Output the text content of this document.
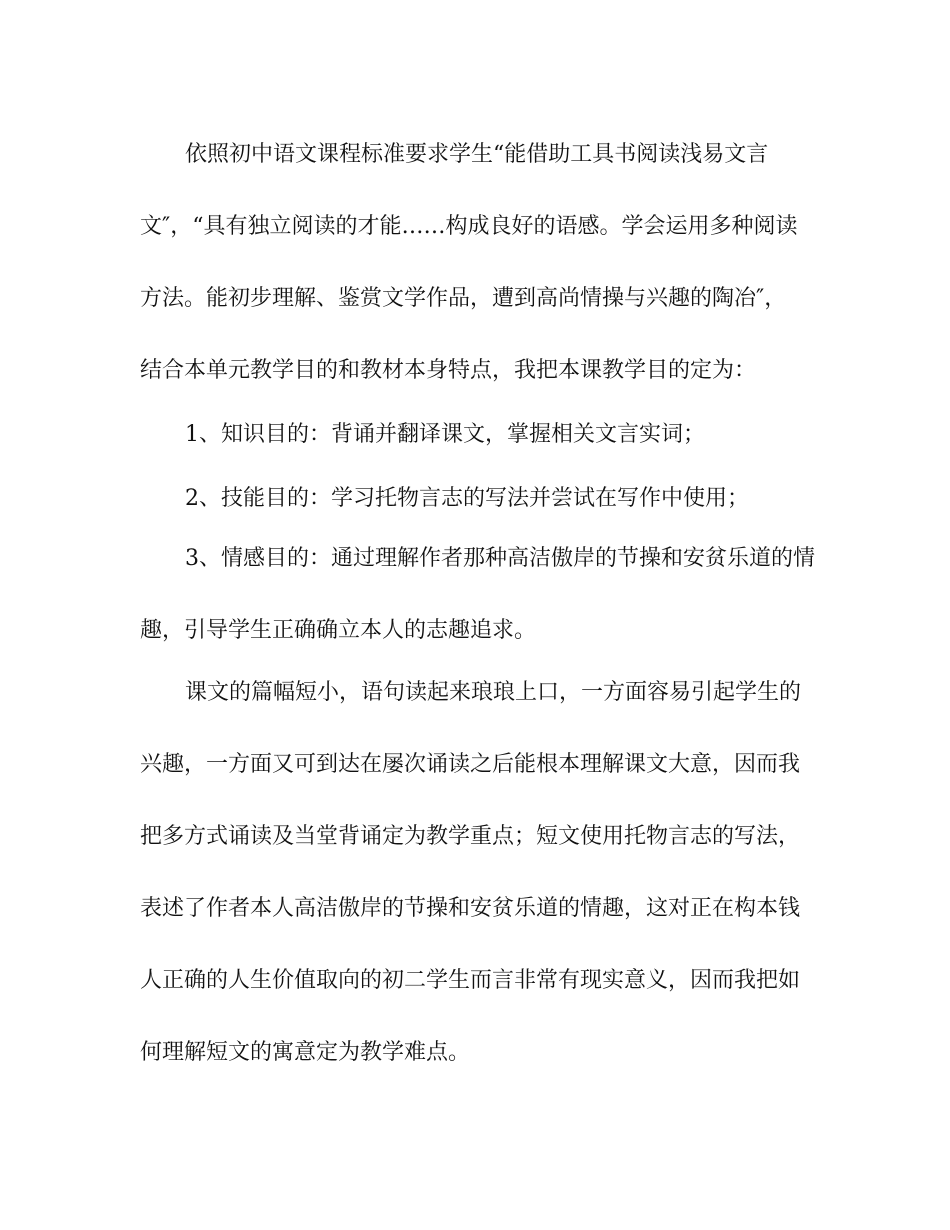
依照初中语文课程标准要求学生“能借助工具书阅读浅易文言
文″，“具有独立阅读的才能……构成良好的语感。学会运用多种阅读
方法。能初步理解、鉴赏文学作品，遭到高尚情操与兴趣的陶冶″，
结合本单元教学目的和教材本身特点，我把本课教学目的定为：
1、知识目的：背诵并翻译课文，掌握相关文言实词；
2、技能目的：学习托物言志的写法并尝试在写作中使用；
3、情感目的：通过理解作者那种高洁傲岸的节操和安贫乐道的情
趣，引导学生正确确立本人的志趣追求。
课文的篇幅短小，语句读起来琅琅上口，一方面容易引起学生的
兴趣，一方面又可到达在屡次诵读之后能根本理解课文大意，因而我
把多方式诵读及当堂背诵定为教学重点；短文使用托物言志的写法，
表述了作者本人高洁傲岸的节操和安贫乐道的情趣，这对正在构本钱
人正确的人生价值取向的初二学生而言非常有现实意义，因而我把如
何理解短文的寓意定为教学难点。
